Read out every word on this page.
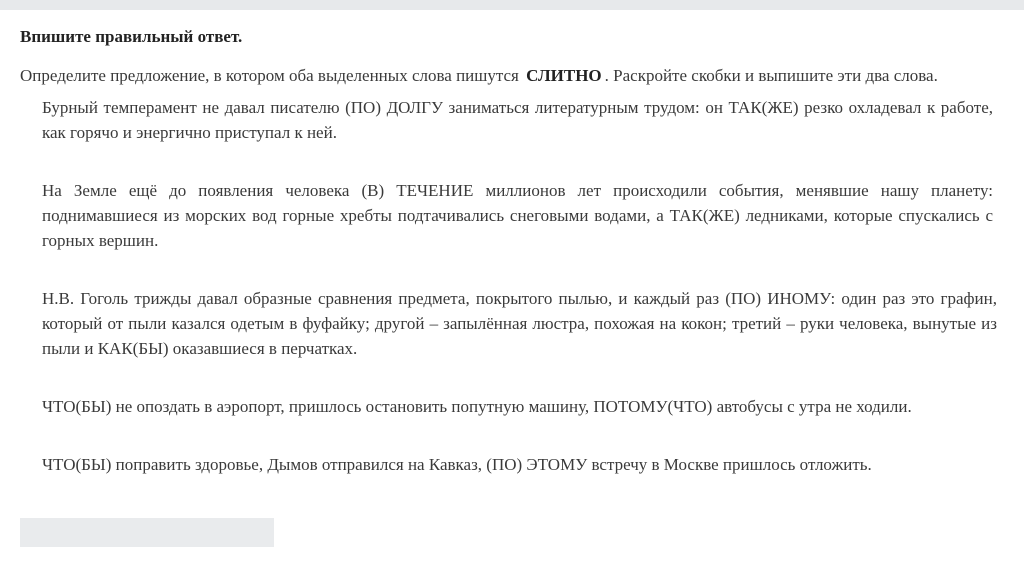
Впишите правильный ответ.
Определите предложение, в котором оба выделенных слова пишутся СЛИТНО . Раскройте скобки и выпишите эти два слова.
Бурный темперамент не давал писателю (ПО) ДОЛГУ заниматься литературным трудом: он ТАК(ЖЕ) резко охладевал к работе, как горячо и энергично приступал к ней.
На Земле ещё до появления человека (В) ТЕЧЕНИЕ миллионов лет происходили события, менявшие нашу планету: поднимавшиеся из морских вод горные хребты подтачивались снеговыми водами, а ТАК(ЖЕ) ледниками, которые спускались с горных вершин.
Н.В. Гоголь трижды давал образные сравнения предмета, покрытого пылью, и каждый раз (ПО) ИНОМУ: один раз это графин, который от пыли казался одетым в фуфайку; другой – запылённая люстра, похожая на кокон; третий – руки человека, вынутые из пыли и КАК(БЫ) оказавшиеся в перчатках.
ЧТО(БЫ) не опоздать в аэропорт, пришлось остановить попутную машину, ПОТОМУ(ЧТО) автобусы с утра не ходили.
ЧТО(БЫ) поправить здоровье, Дымов отправился на Кавказ, (ПО) ЭТОМУ встречу в Москве пришлось отложить.
